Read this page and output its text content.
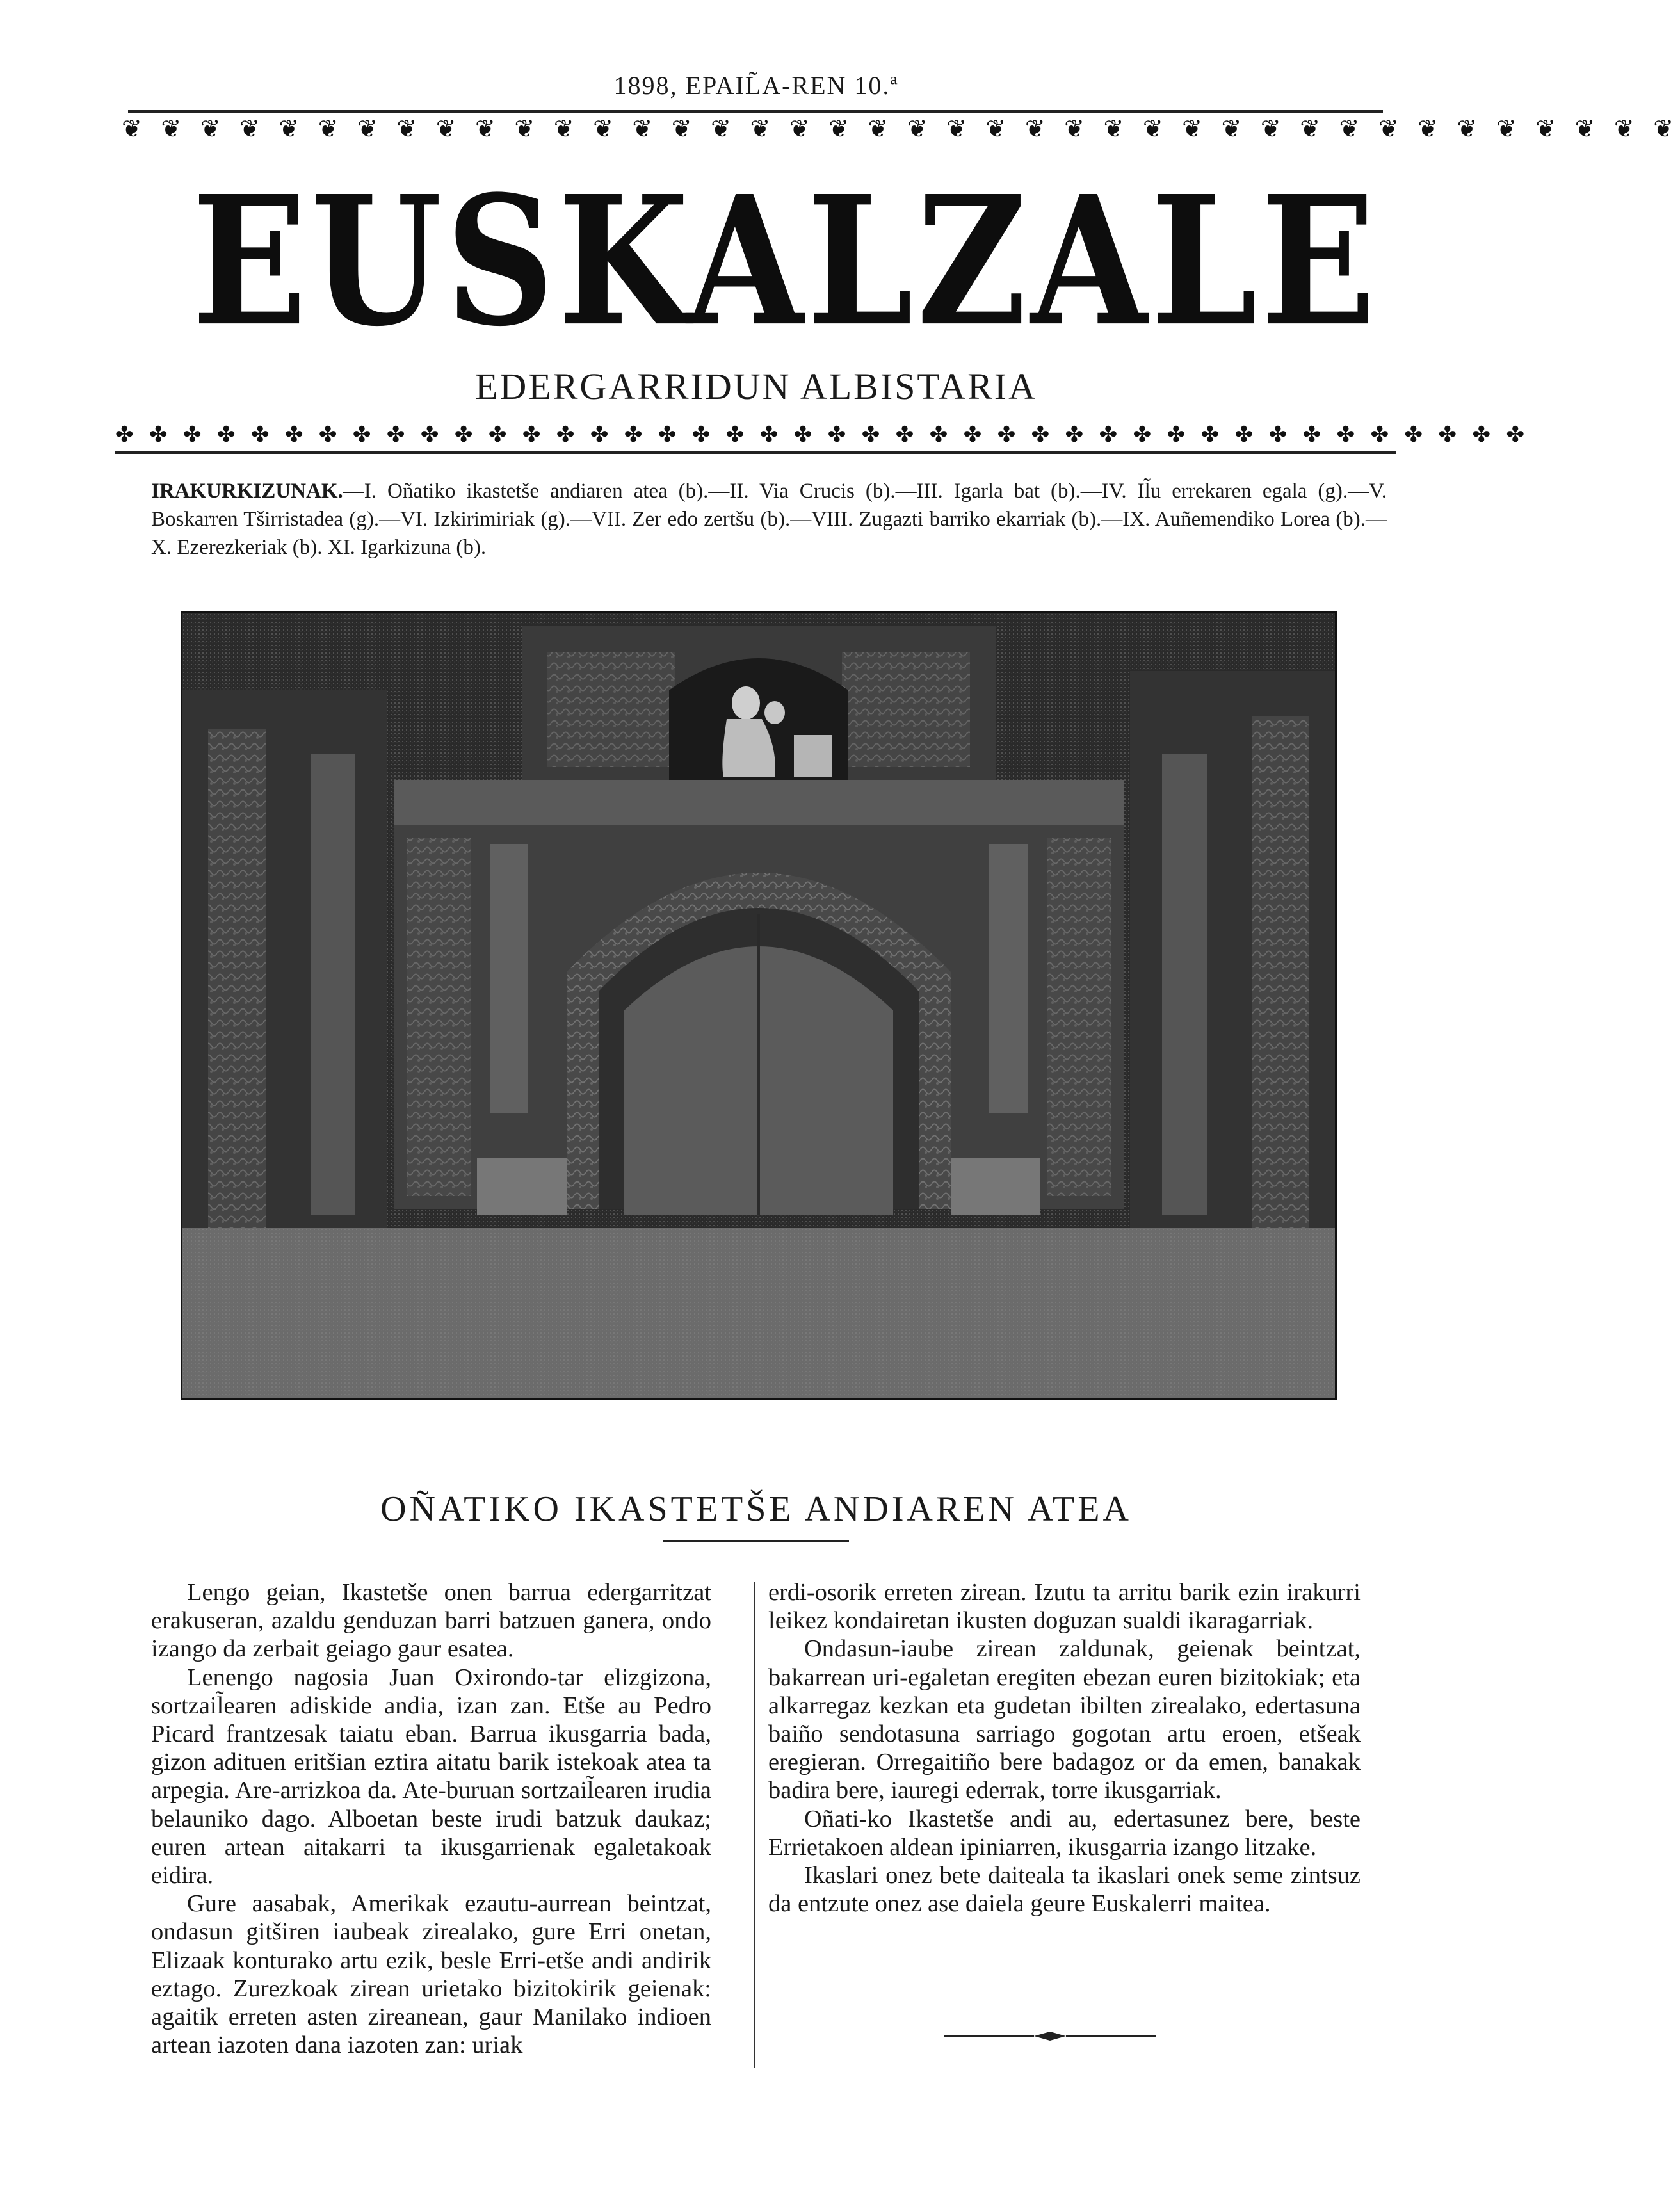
1898, EPAIL̃A-REN 10.ª
❦ ❦ ❦ ❦ ❦ ❦ ❦ ❦ ❦ ❦ ❦ ❦ ❦ ❦ ❦ ❦ ❦ ❦ ❦ ❦ ❦ ❦ ❦ ❦ ❦ ❦ ❦ ❦ ❦ ❦ ❦ ❦ ❦ ❦ ❦ ❦ ❦ ❦ ❦ ❦
EUSKALZALE
EDERGARRIDUN ALBISTARIA
✤ ✤ ✤ ✤ ✤ ✤ ✤ ✤ ✤ ✤ ✤ ✤ ✤ ✤ ✤ ✤ ✤ ✤ ✤ ✤ ✤ ✤ ✤ ✤ ✤ ✤ ✤ ✤ ✤ ✤ ✤ ✤ ✤ ✤ ✤ ✤ ✤ ✤ ✤ ✤ ✤ ✤
IRAKURKIZUNAK.—I. Oñatiko ikastetše andiaren atea (b).—II. Via Crucis (b).—III. Igarla bat (b).—IV. Il̃u errekaren egala (g).—V. Boskarren Tširristadea (g).—VI. Izkirimiriak (g).—VII. Zer edo zertšu (b).—VIII. Zugazti barriko ekarriak (b).—IX. Auñemendiko Lorea (b).—X. Ezerezkeriak (b). XI. Igarkizuna (b).
OÑATIKO IKASTETŠE ANDIAREN ATEA

Lengo geian, Ikastetše onen barrua edergarritzat erakuseran, azaldu genduzan barri batzuen ganera, ondo izango da zerbait geiago gaur esatea.

Lenengo nagosia Juan Oxirondo-tar elizgizona, sortzail̃earen adiskide andia, izan zan. Etše au Pedro Picard frantzesak taiatu eban. Barrua ikusgarria bada, gizon adituen eritšian eztira aitatu barik istekoak atea ta arpegia. Are-arrizkoa da. Ate-buruan sortzail̃earen irudia belauniko dago. Alboetan beste irudi batzuk daukaz; euren artean aitakarri ta ikusgarrienak egaletakoak eidira.

Gure aasabak, Amerikak ezautu-aurrean beintzat, ondasun gitširen iaubeak zirealako, gure Erri onetan, Elizaak konturako artu ezik, besle Erri-etše andi andirik eztago. Zurezkoak zirean urietako bizitokirik geienak: agaitik erreten asten zireanean, gaur Manilako indioen artean iazoten dana iazoten zan: uriak

erdi-osorik erreten zirean. Izutu ta arritu barik ezin irakurri leikez kondairetan ikusten doguzan sualdi ikaragarriak.

Ondasun-iaube zirean zaldunak, geienak beintzat, bakarrean uri-egaletan eregiten ebezan euren bizitokiak; eta alkarregaz kezkan eta gudetan ibilten zirealako, edertasuna baiño sendotasuna sarriago gogotan artu eroen, etšeak eregieran. Orregaitiño bere badagoz or da emen, banakak badira bere, iauregi ederrak, torre ikusgarriak.

Oñati-ko Ikastetše andi au, edertasunez bere, beste Errietakoen aldean ipiniarren, ikusgarria izango litzake.

Ikaslari onez bete daiteala ta ikaslari onek seme zintsuz da entzute onez ase daiela geure Euskalerri maitea.
